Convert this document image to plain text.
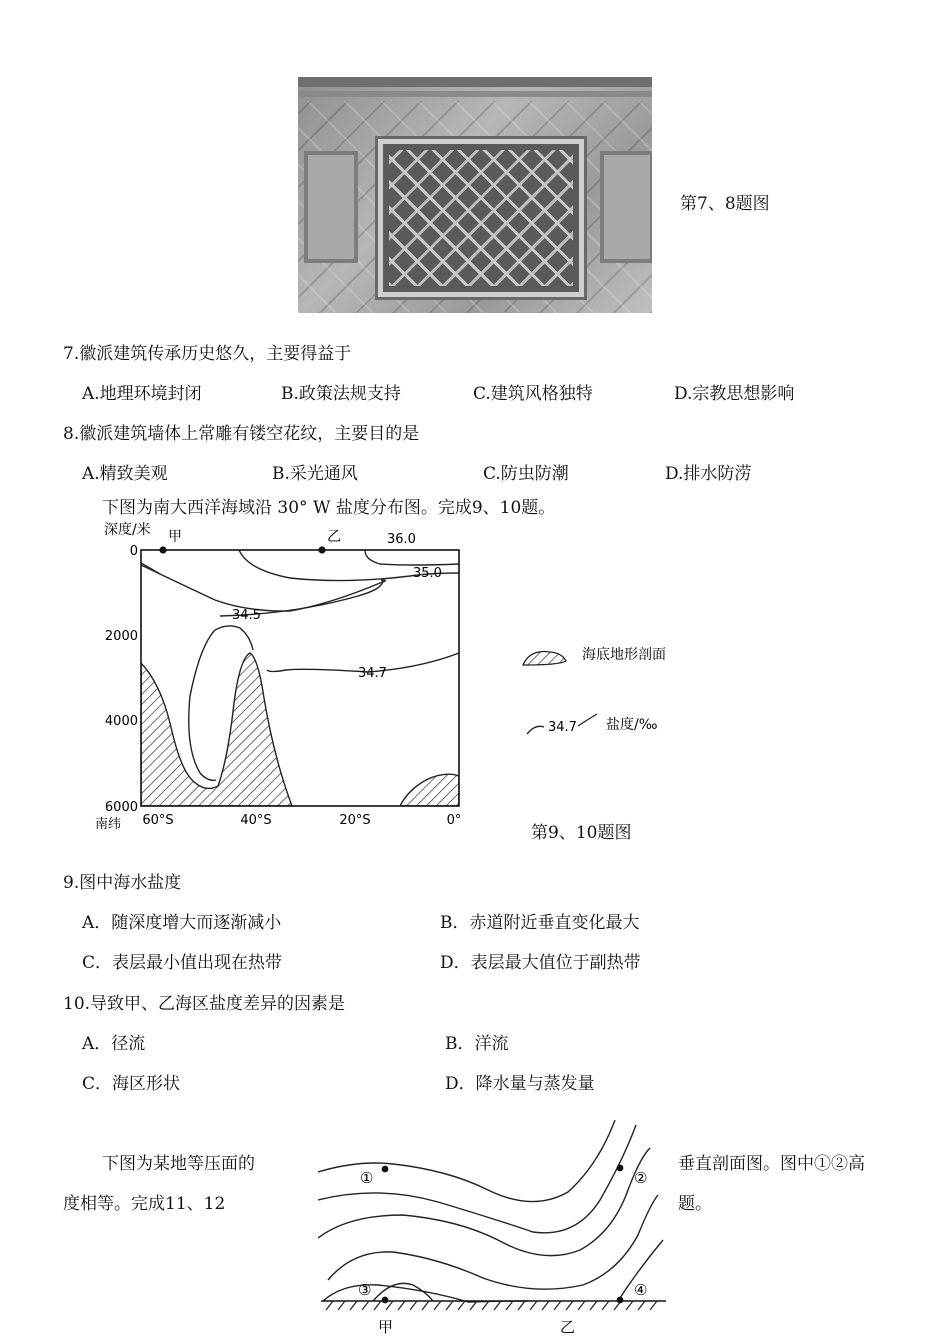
第7、8题图
7.徽派建筑传承历史悠久，主要得益于
A.地理环境封闭	B.政策法规支持	C.建筑风格独特	D.宗教思想影响
8.徽派建筑墙体上常雕有镂空花纹，主要目的是
A.精致美观	B.采光通风	C.防虫防潮	D.排水防涝
下图为南大西洋海域沿 30° W 盐度分布图。完成9、10题。
深度/米
0
2000
4000
6000
南纬 60°S	40°S	20°S	0°
甲	乙	36.0
35.0
34.5
34.7
海底地形剖面
34.7 盐度/‰
第9、10题图
9.图中海水盐度
A．随深度增大而逐渐减小	B．赤道附近垂直变化最大
C．表层最小值出现在热带	D．表层最大值位于副热带
10.导致甲、乙海区盐度差异的因素是
A．径流	B．洋流
C．海区形状	D．降水量与蒸发量
下图为某地等压面的
度相等。完成11、12
垂直剖面图。图中①②高
题。
①	②
③	④
甲	乙
